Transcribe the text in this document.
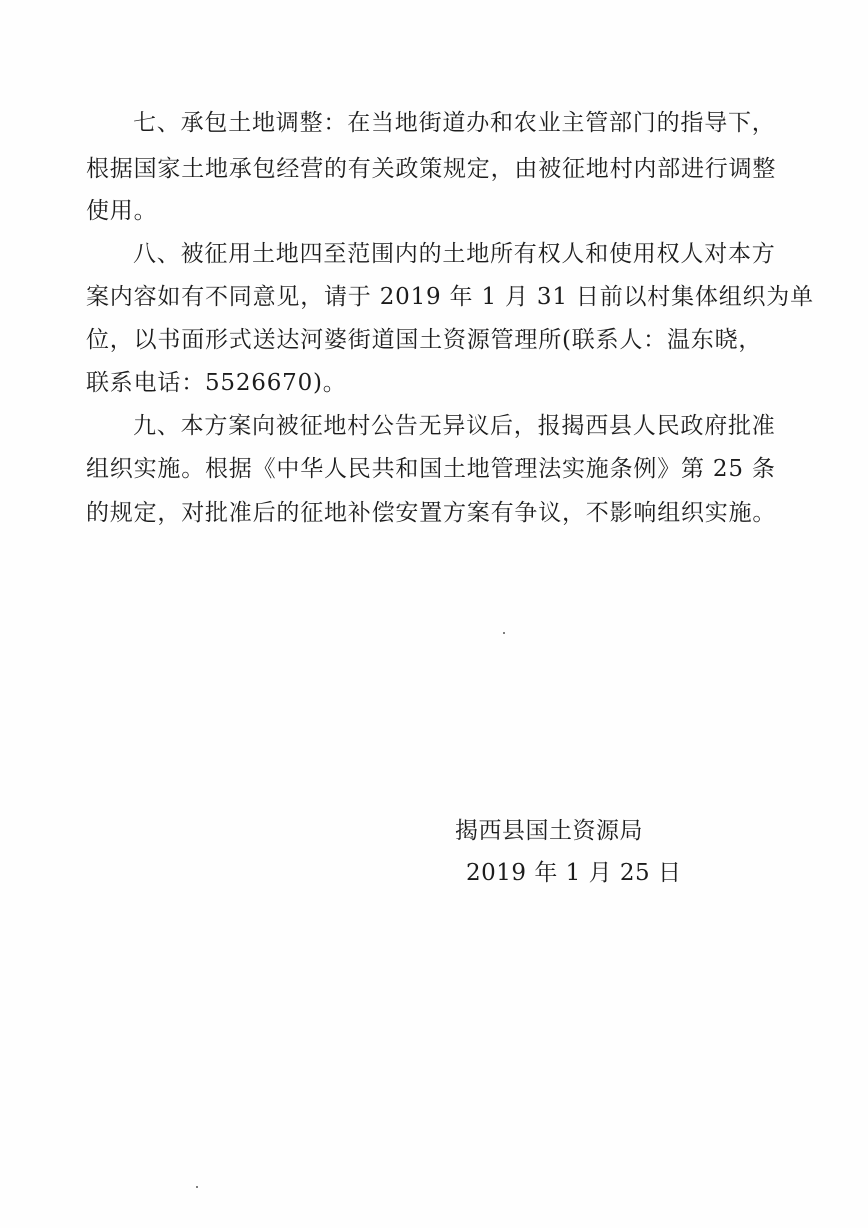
七、承包土地调整：在当地街道办和农业主管部门的指导下，
根据国家土地承包经营的有关政策规定，由被征地村内部进行调整
使用。
八、被征用土地四至范围内的土地所有权人和使用权人对本方
案内容如有不同意见，请于 2019 年 1 月 31 日前以村集体组织为单
位，以书面形式送达河婆街道国土资源管理所(联系人：温东晓，
联系电话：5526670)。
九、本方案向被征地村公告无异议后，报揭西县人民政府批准
组织实施。根据《中华人民共和国土地管理法实施条例》第 25 条
的规定，对批准后的征地补偿安置方案有争议，不影响组织实施。
揭西县国土资源局
2019 年 1 月 25 日
